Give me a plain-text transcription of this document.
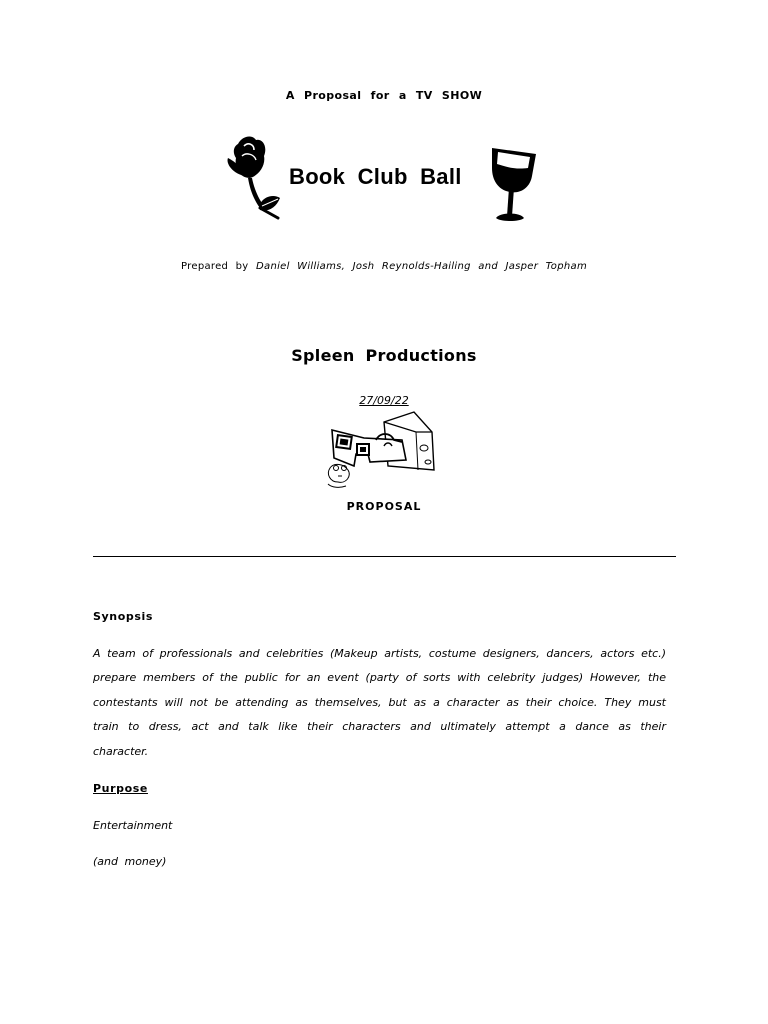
A Proposal for a TV SHOW
Book Club Ball
Prepared by Daniel Williams, Josh Reynolds-Hailing and Jasper Topham
Spleen Productions
27/09/22
PROPOSAL
Synopsis

A team of professionals and celebrities (Makeup artists, costume designers, dancers, actors etc.) prepare members of the public for an event (party of sorts with celebrity judges) However, the contestants will not be attending as themselves, but as a character as their choice. They must train to dress, act and talk like their characters and ultimately attempt a dance as their character.

Purpose
Entertainment
(and money)
